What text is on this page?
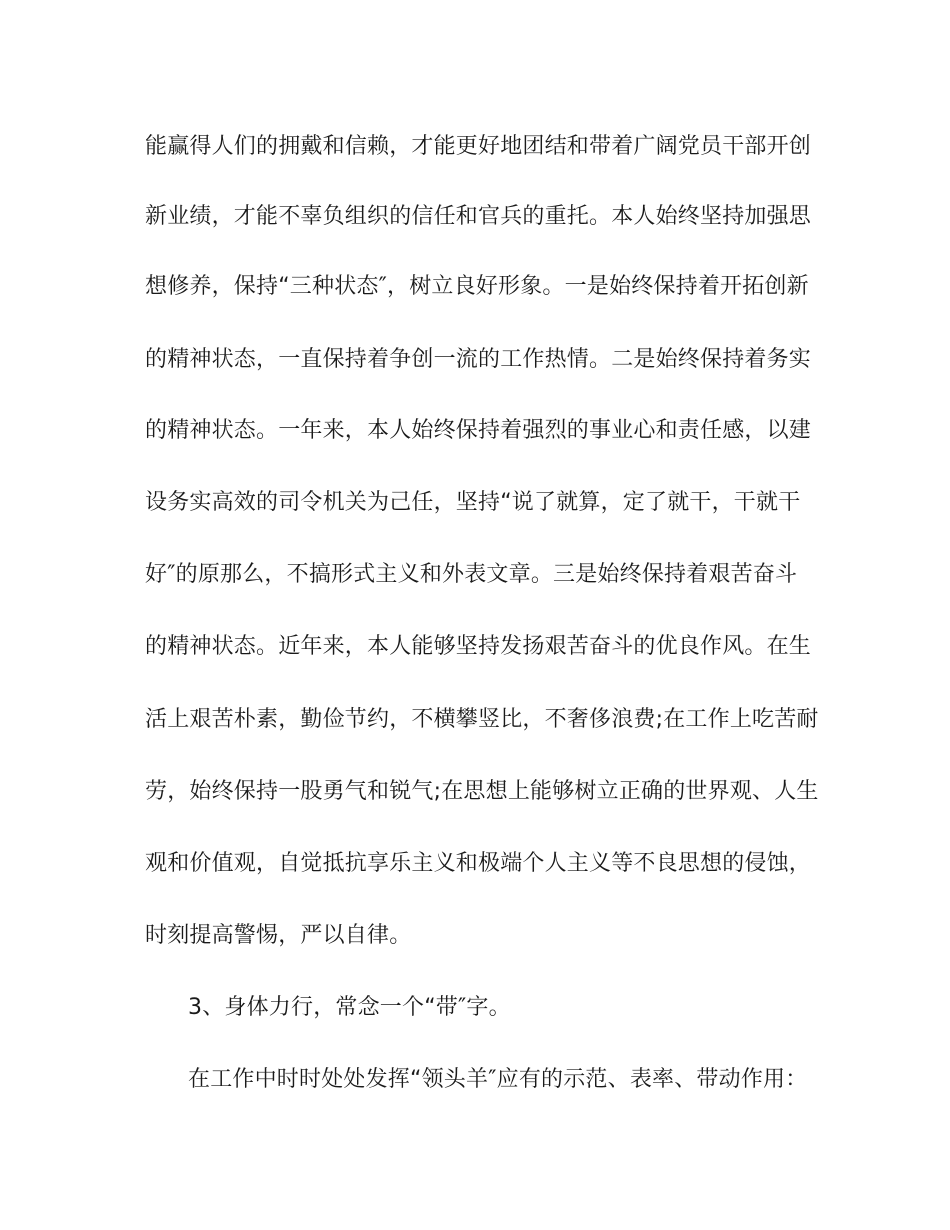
能赢得人们的拥戴和信赖，才能更好地团结和带着广阔党员干部开创
新业绩，才能不辜负组织的信任和官兵的重托。本人始终坚持加强思
想修养，保持“三种状态″，树立良好形象。一是始终保持着开拓创新
的精神状态，一直保持着争创一流的工作热情。二是始终保持着务实
的精神状态。一年来，本人始终保持着强烈的事业心和责任感，以建
设务实高效的司令机关为己任，坚持“说了就算，定了就干，干就干
好″的原那么，不搞形式主义和外表文章。三是始终保持着艰苦奋斗
的精神状态。近年来，本人能够坚持发扬艰苦奋斗的优良作风。在生
活上艰苦朴素，勤俭节约，不横攀竖比，不奢侈浪费;在工作上吃苦耐
劳，始终保持一股勇气和锐气;在思想上能够树立正确的世界观、人生
观和价值观，自觉抵抗享乐主义和极端个人主义等不良思想的侵蚀，
时刻提高警惕，严以自律。
3、身体力行，常念一个“带″字。
在工作中时时处处发挥“领头羊″应有的示范、表率、带动作用：
